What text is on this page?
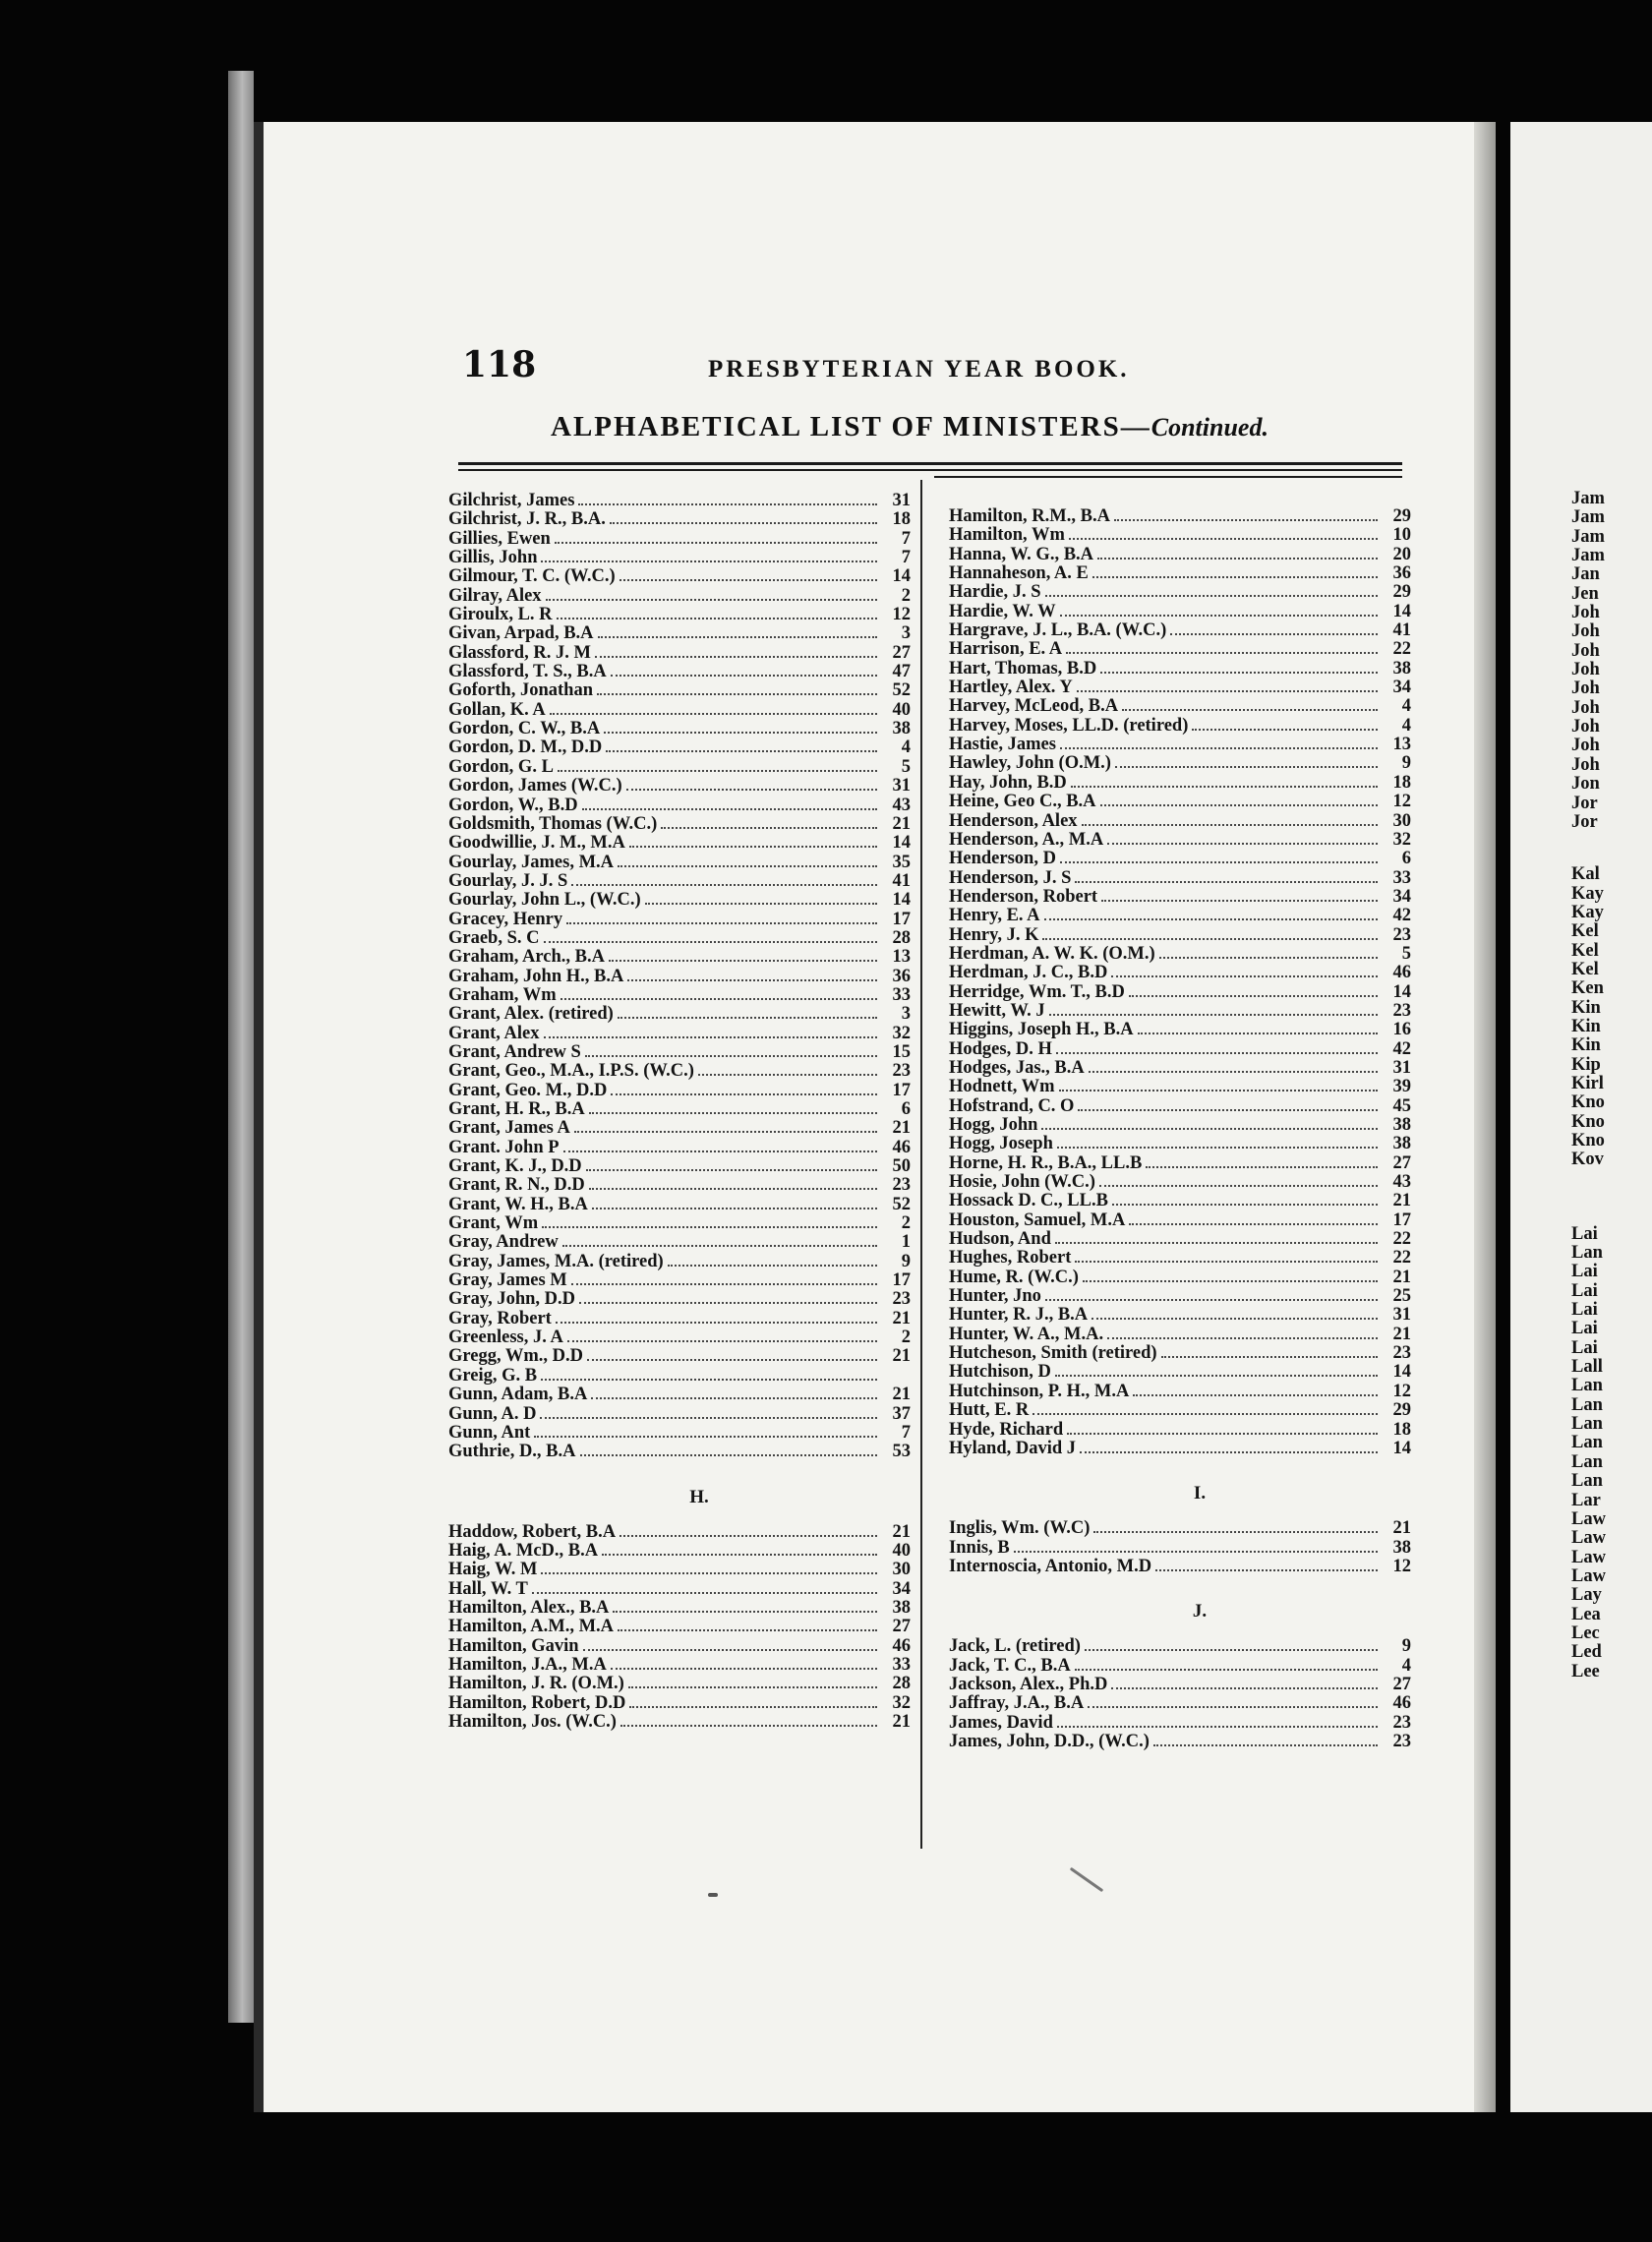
118	PRESBYTERIAN YEAR BOOK.
ALPHABETICAL LIST OF MINISTERS—Continued.
Gilchrist, James	31
Gilchrist, J. R., B.A.	18
Gillies, Ewen	7
Gillis, John	7
Gilmour, T. C. (W.C.)	14
Gilray, Alex	2
Giroulx, L. R	12
Givan, Arpad, B.A	3
Glassford, R. J. M	27
Glassford, T. S., B.A	47
Goforth, Jonathan	52
Gollan, K. A	40
Gordon, C. W., B.A	38
Gordon, D. M., D.D	4
Gordon, G. L	5
Gordon, James (W.C.)	31
Gordon, W., B.D	43
Goldsmith, Thomas (W.C.)	21
Goodwillie, J. M., M.A	14
Gourlay, James, M.A	35
Gourlay, J. J. S	41
Gourlay, John L., (W.C.)	14
Gracey, Henry	17
Graeb, S. C	28
Graham, Arch., B.A	13
Graham, John H., B.A	36
Graham, Wm	33
Grant, Alex. (retired)	3
Grant, Alex	32
Grant, Andrew S	15
Grant, Geo., M.A., I.P.S. (W.C.)	23
Grant, Geo. M., D.D	17
Grant, H. R., B.A	6
Grant, James A	21
Grant. John P	46
Grant, K. J., D.D	50
Grant, R. N., D.D	23
Grant, W. H., B.A	52
Grant, Wm	2
Gray, Andrew	1
Gray, James, M.A. (retired)	9
Gray, James M	17
Gray, John, D.D	23
Gray, Robert	21
Greenless, J. A	2
Gregg, Wm., D.D	21
Greig, G. B
Gunn, Adam, B.A	21
Gunn, A. D	37
Gunn, Ant	7
Guthrie, D., B.A	53
H.
Haddow, Robert, B.A	21
Haig, A. McD., B.A	40
Haig, W. M	30
Hall, W. T	34
Hamilton, Alex., B.A	38
Hamilton, A.M., M.A	27
Hamilton, Gavin	46
Hamilton, J.A., M.A	33
Hamilton, J. R. (O.M.)	28
Hamilton, Robert, D.D	32
Hamilton, Jos. (W.C.)	21
Hamilton, R.M., B.A	29
Hamilton, Wm	10
Hanna, W. G., B.A	20
Hannaheson, A. E	36
Hardie, J. S	29
Hardie, W. W	14
Hargrave, J. L., B.A. (W.C.)	41
Harrison, E. A	22
Hart, Thomas, B.D	38
Hartley, Alex. Y	34
Harvey, McLeod, B.A	4
Harvey, Moses, LL.D. (retired)	4
Hastie, James	13
Hawley, John (O.M.)	9
Hay, John, B.D	18
Heine, Geo C., B.A	12
Henderson, Alex	30
Henderson, A., M.A	32
Henderson, D	6
Henderson, J. S	33
Henderson, Robert	34
Henry, E. A	42
Henry, J. K	23
Herdman, A. W. K. (O.M.)	5
Herdman, J. C., B.D	46
Herridge, Wm. T., B.D	14
Hewitt, W. J	23
Higgins, Joseph H., B.A	16
Hodges, D. H	42
Hodges, Jas., B.A	31
Hodnett, Wm	39
Hofstrand, C. O	45
Hogg, John	38
Hogg, Joseph	38
Horne, H. R., B.A., LL.B	27
Hosie, John (W.C.)	43
Hossack D. C., LL.B	21
Houston, Samuel, M.A	17
Hudson, And	22
Hughes, Robert	22
Hume, R. (W.C.)	21
Hunter, Jno	25
Hunter, R. J., B.A	31
Hunter, W. A., M.A.	21
Hutcheson, Smith (retired)	23
Hutchison, D	14
Hutchinson, P. H., M.A	12
Hutt, E. R	29
Hyde, Richard	18
Hyland, David J	14
I.
Inglis, Wm. (W.C)	21
Innis, B	38
Internoscia, Antonio, M.D	12
J.
Jack, L. (retired)	9
Jack, T. C., B.A	4
Jackson, Alex., Ph.D	27
Jaffray, J.A., B.A	46
James, David	23
James, John, D.D., (W.C.)	23
Jam
Jam
Jam
Jam
Jan
Jen
Joh
Joh
Joh
Joh
Joh
Joh
Joh
Joh
Joh
Jon
Jor
Jor
Kal
Kay
Kay
Kel
Kel
Kel
Ken
Kin
Kin
Kin
Kip
Kirl
Kno
Kno
Kno
Kov
Lai
Lan
Lai
Lai
Lai
Lai
Lai
Lall
Lan
Lan
Lan
Lan
Lan
Lan
Lar
Law
Law
Law
Law
Lay
Lea
Lec
Led
Lee
